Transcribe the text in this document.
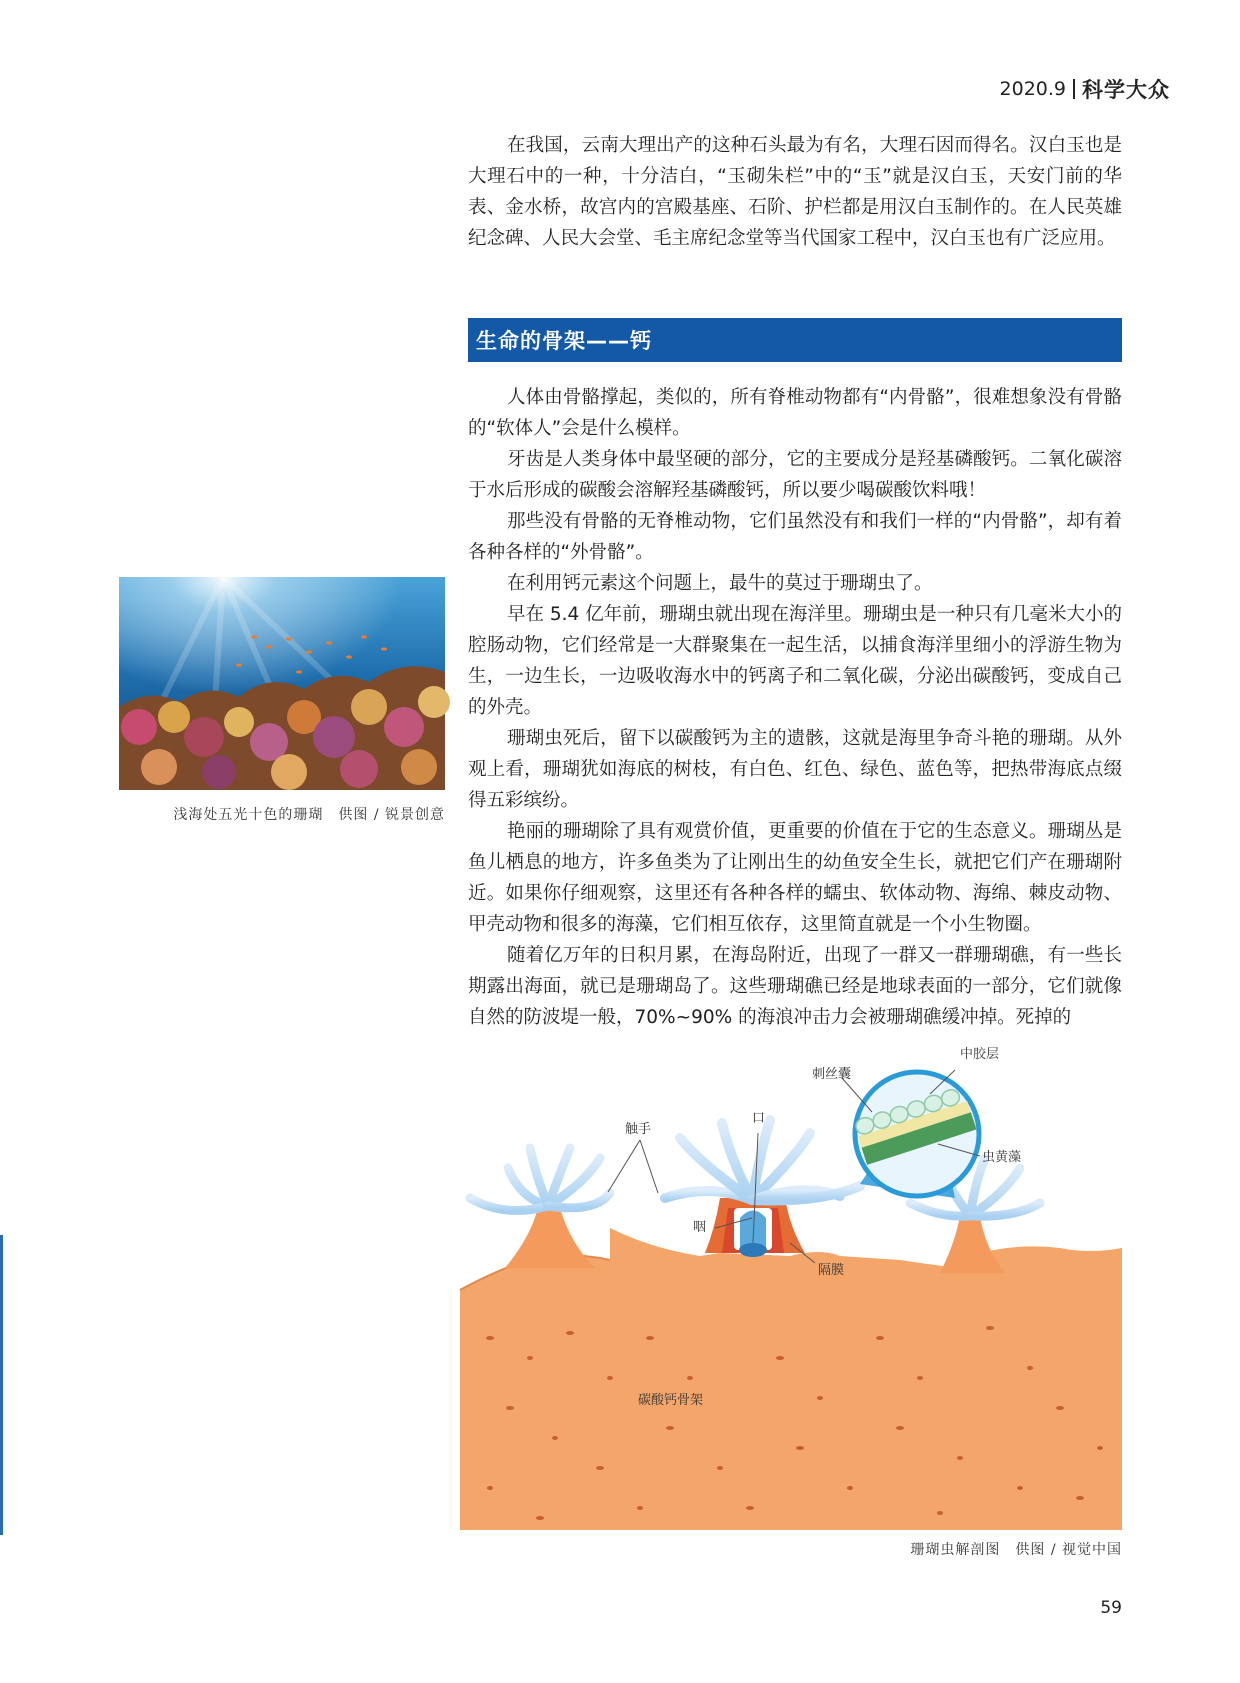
2020.9 科学大众

在我国，云南大理出产的这种石头最为有名，大理石因而得名。汉白玉也是大理石中的一种，十分洁白，“玉砌朱栏”中的“玉”就是汉白玉，天安门前的华表、金水桥，故宫内的宫殿基座、石阶、护栏都是用汉白玉制作的。在人民英雄纪念碑、人民大会堂、毛主席纪念堂等当代国家工程中，汉白玉也有广泛应用。

生命的骨架——钙

人体由骨骼撑起，类似的，所有脊椎动物都有“内骨骼”，很难想象没有骨骼的“软体人”会是什么模样。

牙齿是人类身体中最坚硬的部分，它的主要成分是羟基磷酸钙。二氧化碳溶于水后形成的碳酸会溶解羟基磷酸钙，所以要少喝碳酸饮料哦！

那些没有骨骼的无脊椎动物，它们虽然没有和我们一样的“内骨骼”，却有着各种各样的“外骨骼”。

在利用钙元素这个问题上，最牛的莫过于珊瑚虫了。

早在 5.4 亿年前，珊瑚虫就出现在海洋里。珊瑚虫是一种只有几毫米大小的腔肠动物，它们经常是一大群聚集在一起生活，以捕食海洋里细小的浮游生物为生，一边生长，一边吸收海水中的钙离子和二氧化碳，分泌出碳酸钙，变成自己的外壳。

珊瑚虫死后，留下以碳酸钙为主的遗骸，这就是海里争奇斗艳的珊瑚。从外观上看，珊瑚犹如海底的树枝，有白色、红色、绿色、蓝色等，把热带海底点缀得五彩缤纷。

艳丽的珊瑚除了具有观赏价值，更重要的价值在于它的生态意义。珊瑚丛是鱼儿栖息的地方，许多鱼类为了让刚出生的幼鱼安全生长，就把它们产在珊瑚附近。如果你仔细观察，这里还有各种各样的蠕虫、软体动物、海绵、棘皮动物、甲壳动物和很多的海藻，它们相互依存，这里简直就是一个小生物圈。

随着亿万年的日积月累，在海岛附近，出现了一群又一群珊瑚礁，有一些长期露出海面，就已是珊瑚岛了。这些珊瑚礁已经是地球表面的一部分，它们就像自然的防波堤一般，70%~90% 的海浪冲击力会被珊瑚礁缓冲掉。死掉的

浅海处五光十色的珊瑚　供图 / 锐景创意
刺丝囊
中胶层
虫黄藻
触手
口
咽
隔膜
碳酸钙骨架
珊瑚虫解剖图　供图 / 视觉中国
59
